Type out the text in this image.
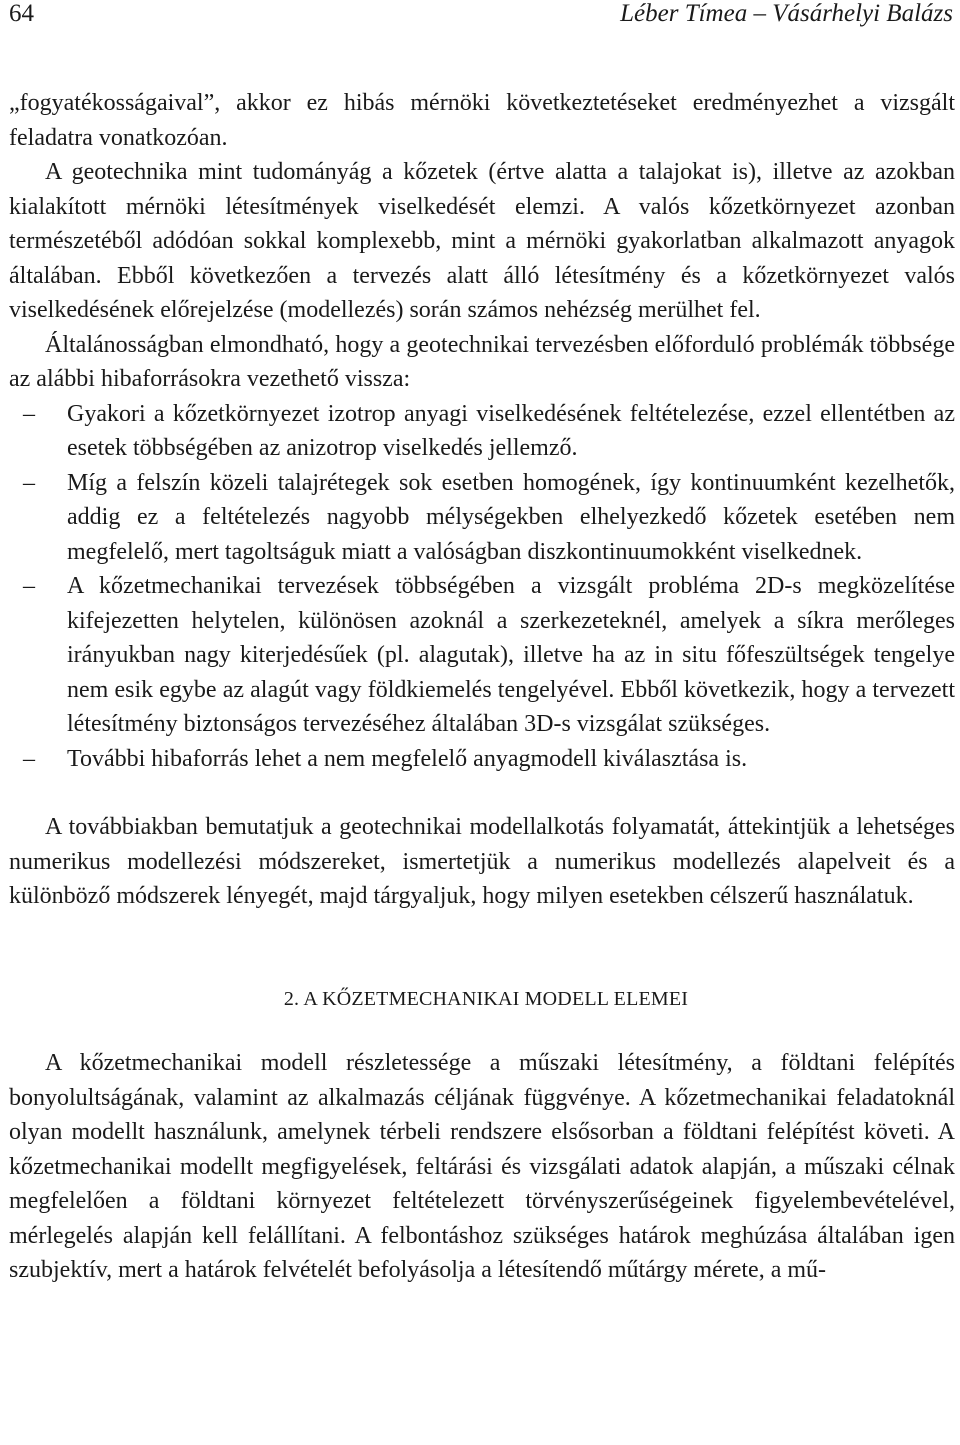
64	Léber Tímea – Vásárhelyi Balázs

„fogyatékosságaival”, akkor ez hibás mérnöki következtetéseket eredményezhet a vizsgált feladatra vonatkozóan.

A geotechnika mint tudományág a kőzetek (értve alatta a talajokat is), illetve az azokban kialakított mérnöki létesítmények viselkedését elemzi. A valós kőzetkörnyezet azonban természetéből adódóan sokkal komplexebb, mint a mérnöki gyakorlatban alkalmazott anyagok általában. Ebből következően a tervezés alatt álló létesítmény és a kőzetkörnyezet valós viselkedésének előrejelzése (modellezés) során számos nehézség merülhet fel.

Általánosságban elmondható, hogy a geotechnikai tervezésben előforduló problémák többsége az alábbi hibaforrásokra vezethető vissza:

– Gyakori a kőzetkörnyezet izotrop anyagi viselkedésének feltételezése, ezzel ellentétben az esetek többségében az anizotrop viselkedés jellemző.
– Míg a felszín közeli talajrétegek sok esetben homogének, így kontinuumként kezelhetők, addig ez a feltételezés nagyobb mélységekben elhelyezkedő kőzetek esetében nem megfelelő, mert tagoltságuk miatt a valóságban diszkontinuumokként viselkednek.
– A kőzetmechanikai tervezések többségében a vizsgált probléma 2D-s megközelítése kifejezetten helytelen, különösen azoknál a szerkezeteknél, amelyek a síkra merőleges irányukban nagy kiterjedésűek (pl. alagutak), illetve ha az in situ főfeszültségek tengelye nem esik egybe az alagút vagy földkiemelés tengelyével. Ebből következik, hogy a tervezett létesítmény biztonságos tervezéséhez általában 3D-s vizsgálat szükséges.
– További hibaforrás lehet a nem megfelelő anyagmodell kiválasztása is.

A továbbiakban bemutatjuk a geotechnikai modellalkotás folyamatát, áttekintjük a lehetséges numerikus modellezési módszereket, ismertetjük a numerikus modellezés alapelveit és a különböző módszerek lényegét, majd tárgyaljuk, hogy milyen esetekben célszerű használatuk.

2. A KŐZETMECHANIKAI MODELL ELEMEI

A kőzetmechanikai modell részletessége a műszaki létesítmény, a földtani felépítés bonyolultságának, valamint az alkalmazás céljának függvénye. A kőzetmechanikai feladatoknál olyan modellt használunk, amelynek térbeli rendszere elsősorban a földtani felépítést követi. A kőzetmechanikai modellt megfigyelések, feltárási és vizsgálati adatok alapján, a műszaki célnak megfelelően a földtani környezet feltételezett törvényszerűségeinek figyelembevételével, mérlegelés alapján kell felállítani. A felbontáshoz szükséges határok meghúzása általában igen szubjektív, mert a határok felvételét befolyásolja a létesítendő műtárgy mérete, a mű-
